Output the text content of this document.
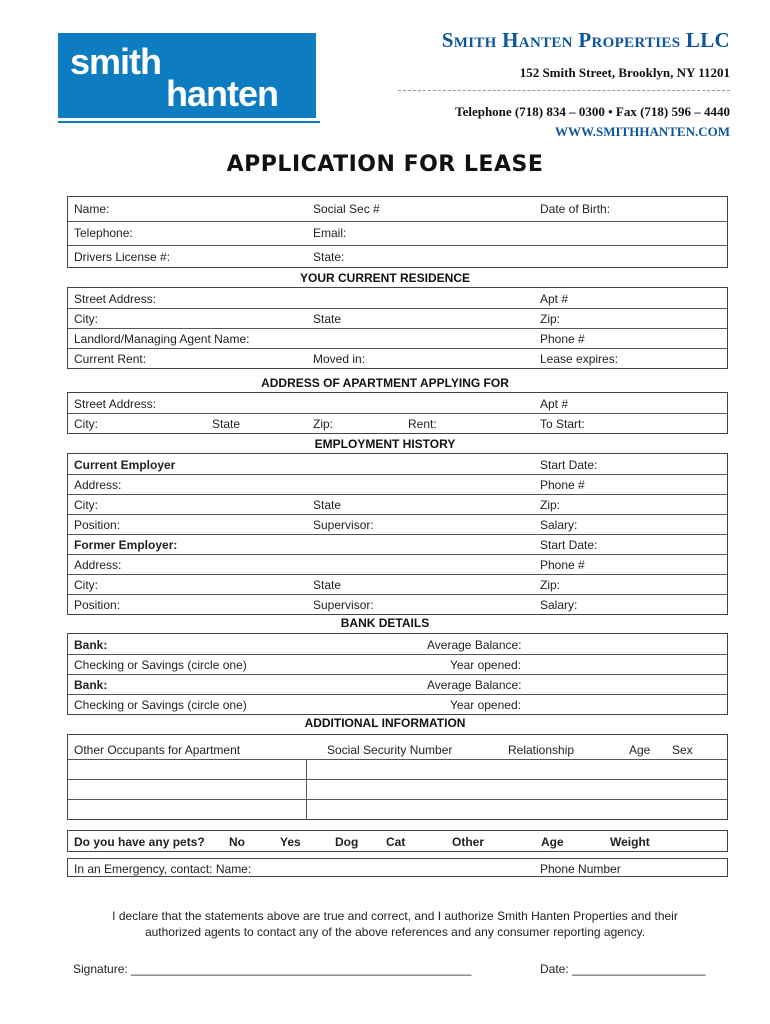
smith
hanten
Smith Hanten Properties LLC
152 Smith Street, Brooklyn, NY 11201
Telephone (718) 834 – 0300 • Fax (718) 596 – 4440
WWW.SMITHHANTEN.COM
APPLICATION FOR LEASE
Name:	Social Sec #	Date of Birth:
Telephone:	Email:
Drivers License #:	State:
YOUR CURRENT RESIDENCE
Street Address:	Apt #
City:	State	Zip:
Landlord/Managing Agent Name:	Phone #
Current Rent:	Moved in:	Lease expires:
ADDRESS OF APARTMENT APPLYING FOR
Street Address:	Apt #
City:	State	Zip:	Rent:	To Start:
EMPLOYMENT HISTORY
Current Employer	Start Date:
Address:	Phone #
City:	State	Zip:
Position:	Supervisor:	Salary:
Former Employer:	Start Date:
Address:	Phone #
City:	State	Zip:
Position:	Supervisor:	Salary:
BANK DETAILS
Bank:	Average Balance:
Checking or Savings (circle one)	Year opened:
Bank:	Average Balance:
Checking or Savings (circle one)	Year opened:
ADDITIONAL INFORMATION
Other Occupants for Apartment	Social Security Number	Relationship	Age Sex
Do you have any pets? No	Yes	Dog Cat	Other	Age	Weight
In an Emergency, contact: Name:	Phone Number
I declare that the statements above are true and correct, and I authorize Smith Hanten Properties and their authorized agents to contact any of the above references and any consumer reporting agency.
Signature: ___________________________________________________	Date: ____________________
